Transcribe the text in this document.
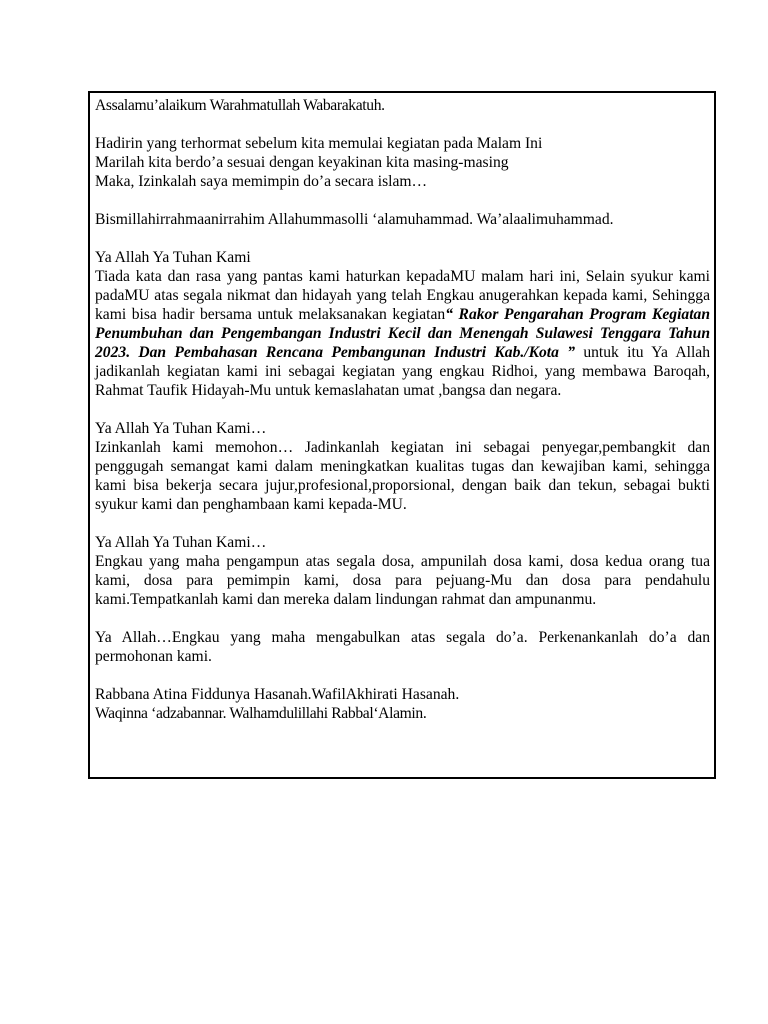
Assalamu’alaikum Warahmatullah Wabarakatuh.

Hadirin yang terhormat sebelum kita memulai kegiatan pada Malam Ini

Marilah kita berdo’a sesuai dengan keyakinan kita masing-masing

Maka, Izinkalah saya memimpin do’a secara islam…

Bismillahirrahmaanirrahim Allahummasolli ‘alamuhammad. Wa’alaalimuhammad.

Ya Allah Ya Tuhan Kami

Tiada kata dan rasa yang pantas kami haturkan kepadaMU malam hari ini, Selain syukur kami padaMU atas segala nikmat dan hidayah yang telah Engkau anugerahkan kepada kami, Sehingga kami bisa hadir bersama untuk melaksanakan kegiatan“ Rakor Pengarahan Program Kegiatan Penumbuhan dan Pengembangan Industri Kecil dan Menengah Sulawesi Tenggara Tahun 2023. Dan Pembahasan Rencana Pembangunan Industri Kab./Kota ” untuk itu Ya Allah jadikanlah kegiatan kami ini sebagai kegiatan yang engkau Ridhoi, yang membawa Baroqah, Rahmat Taufik Hidayah-Mu untuk kemaslahatan umat ,bangsa dan negara.

Ya Allah Ya Tuhan Kami…

Izinkanlah kami memohon… Jadinkanlah kegiatan ini sebagai penyegar,pembangkit dan penggugah semangat kami dalam meningkatkan kualitas tugas dan kewajiban kami, sehingga kami bisa bekerja secara jujur,profesional,proporsional, dengan baik dan tekun, sebagai bukti syukur kami dan penghambaan kami kepada-MU.

Ya Allah Ya Tuhan Kami…

Engkau yang maha pengampun atas segala dosa, ampunilah dosa kami, dosa kedua orang tua kami, dosa para pemimpin kami, dosa para pejuang-Mu dan dosa para pendahulu kami.Tempatkanlah kami dan mereka dalam lindungan rahmat dan ampunanmu.

Ya Allah…Engkau yang maha mengabulkan atas segala do’a. Perkenankanlah do’a dan permohonan kami.

Rabbana Atina Fiddunya Hasanah.WafilAkhirati Hasanah.

Waqinna ‘adzabannar. Walhamdulillahi Rabbal‘Alamin.
